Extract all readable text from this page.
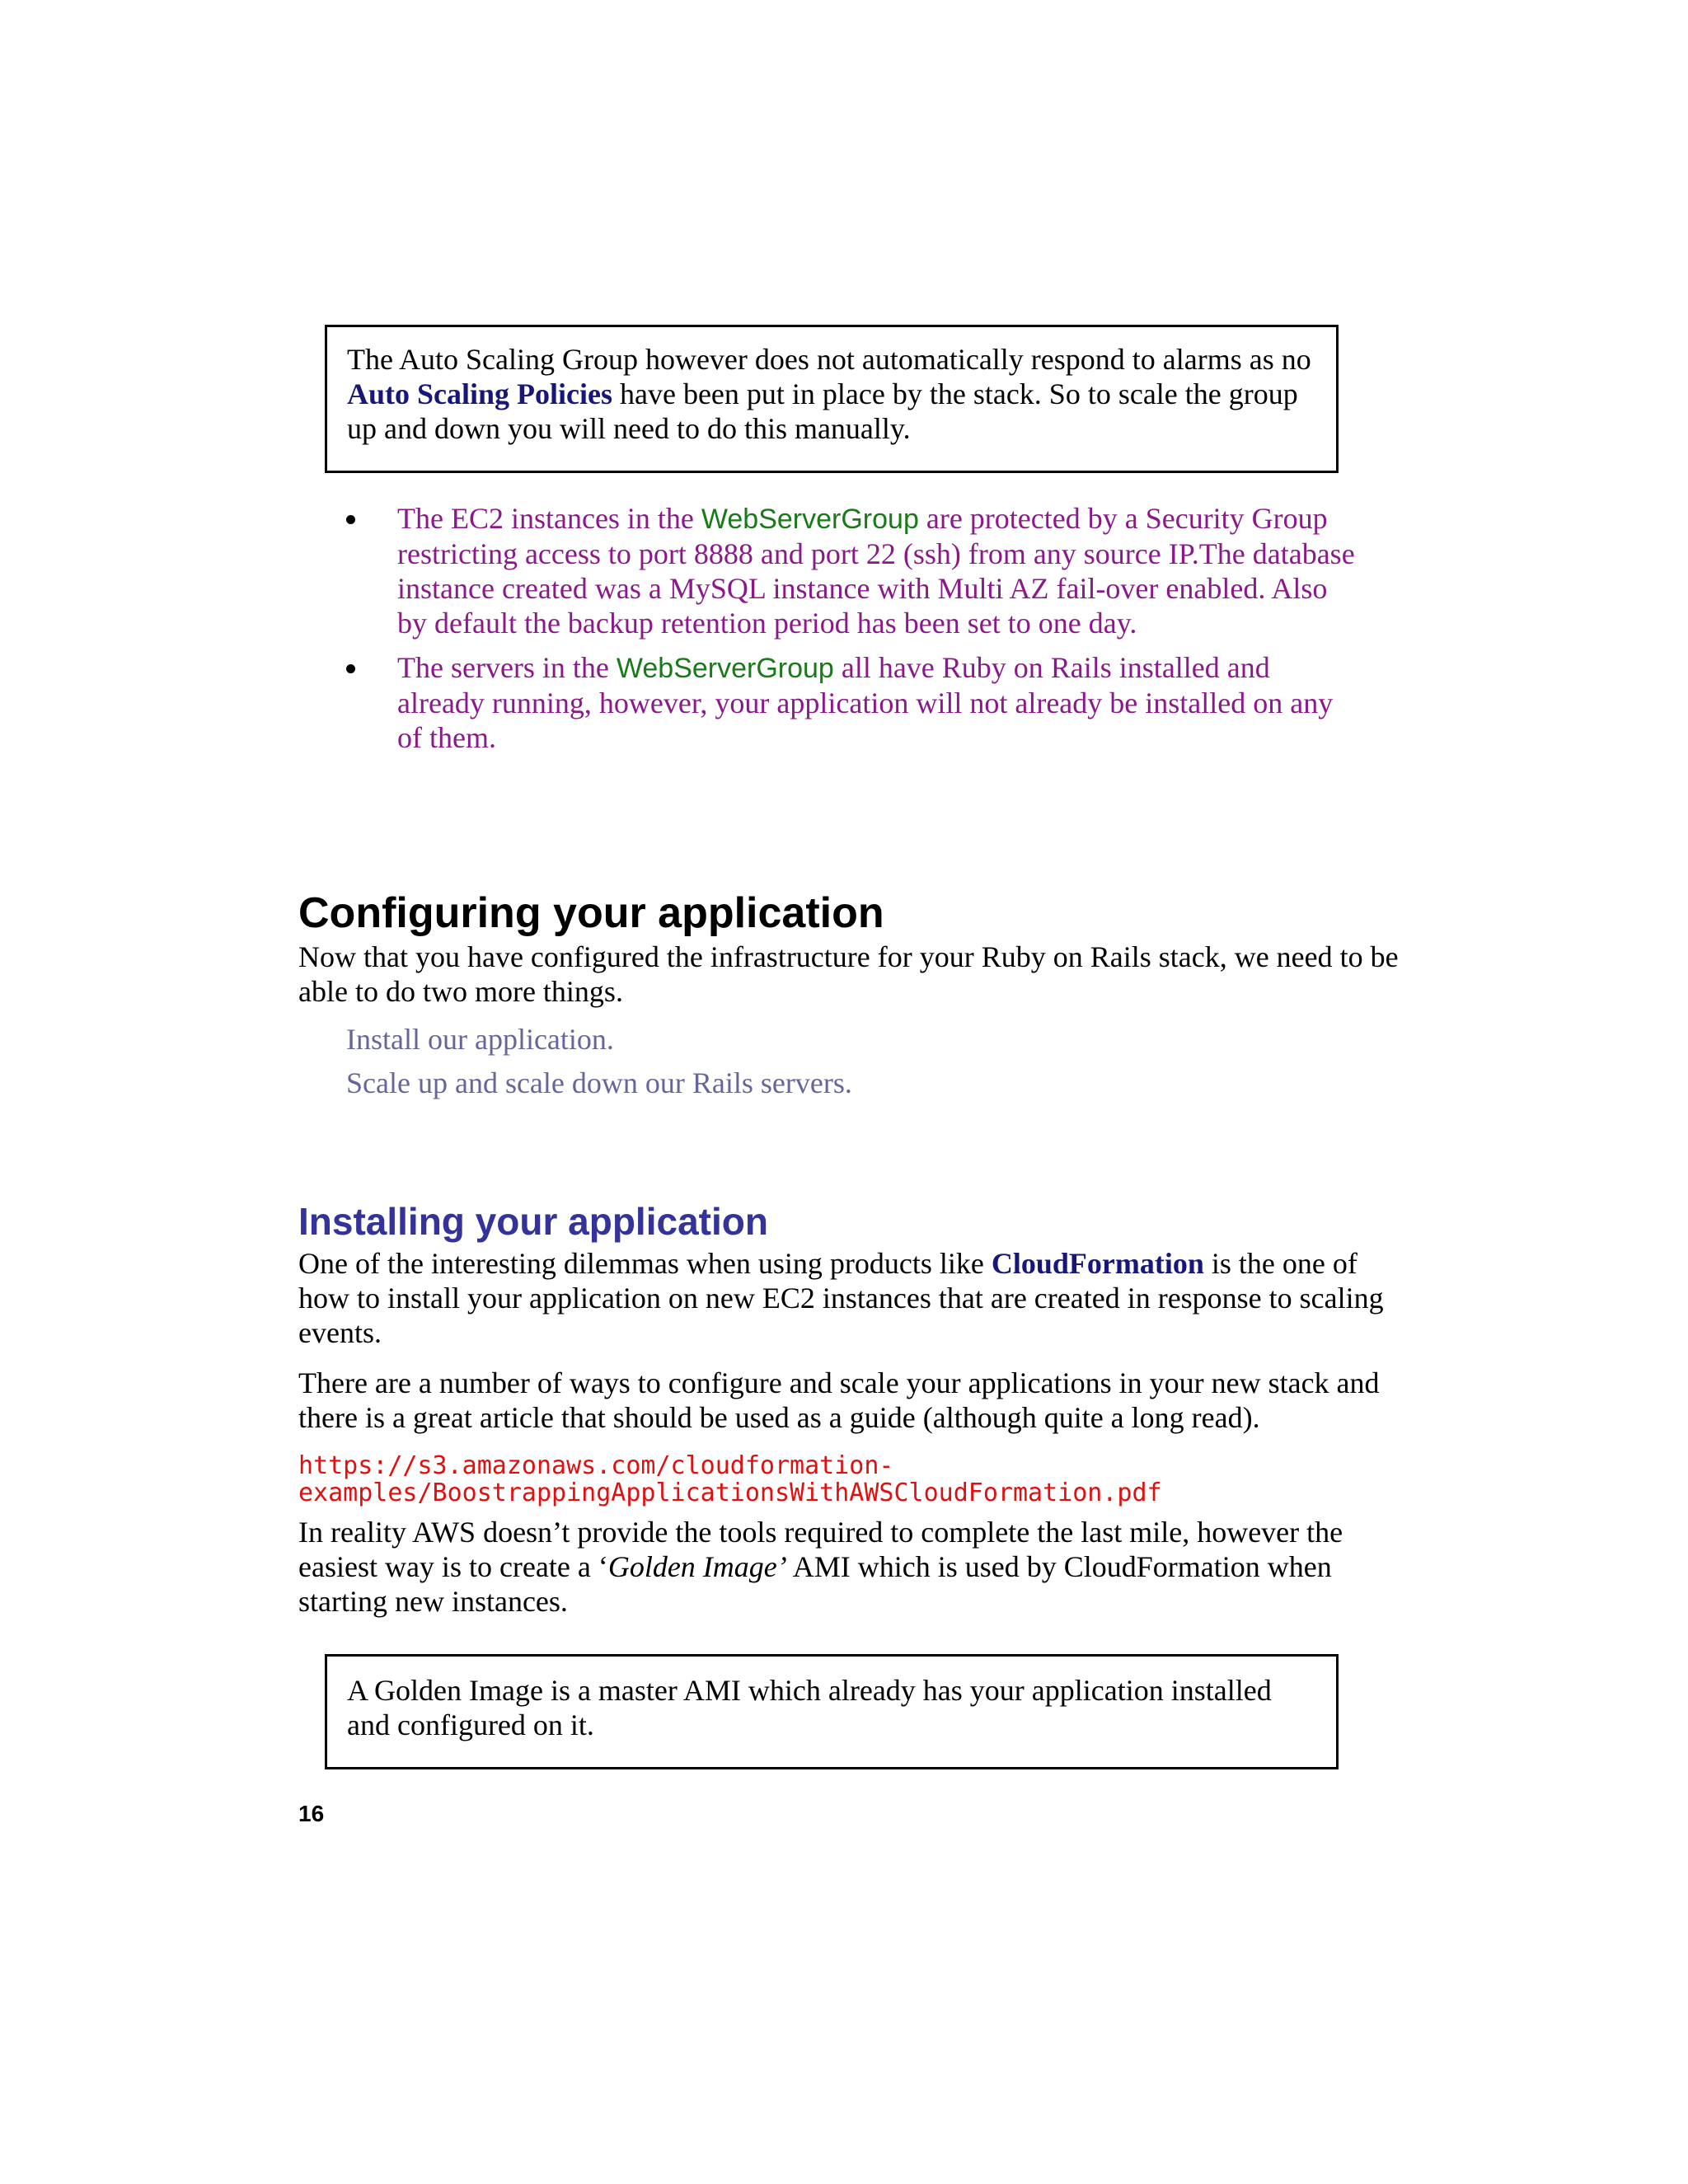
The Auto Scaling Group however does not automatically respond to alarms as no Auto Scaling Policies have been put in place by the stack. So to scale the group up and down you will need to do this manually.
The EC2 instances in the WebServerGroup are protected by a Security Group restricting access to port 8888 and port 22 (ssh) from any source IP.The database instance created was a MySQL instance with Multi AZ fail-over enabled. Also by default the backup retention period has been set to one day.
The servers in the WebServerGroup all have Ruby on Rails installed and already running, however, your application will not already be installed on any of them.
Configuring your application

Now that you have configured the infrastructure for your Ruby on Rails stack, we need to be able to do two more things.

Install our application.
Scale up and scale down our Rails servers.
Installing your application

One of the interesting dilemmas when using products like CloudFormation is the one of how to install your application on new EC2 instances that are created in response to scaling events.

There are a number of ways to configure and scale your applications in your new stack and there is a great article that should be used as a guide (although quite a long read).

https://s3.amazonaws.com/cloudformation-
examples/BoostrappingApplicationsWithAWSCloudFormation.pdf

In reality AWS doesn’t provide the tools required to complete the last mile, however the easiest way is to create a ‘Golden Image’ AMI which is used by CloudFormation when starting new instances.

A Golden Image is a master AMI which already has your application installed and configured on it.
16
